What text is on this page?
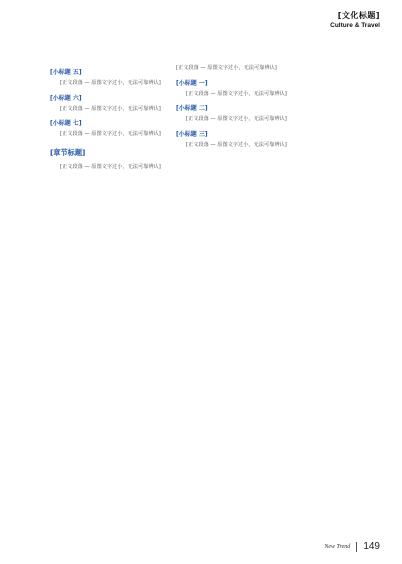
[文化标题]
Culture & Travel
[小标题 五]

[正文段落 — 原图文字过小，无法可靠辨认]

[小标题 六]

[正文段落 — 原图文字过小，无法可靠辨认]

[小标题 七]

[正文段落 — 原图文字过小，无法可靠辨认]

[章节标题]

[正文段落 — 原图文字过小，无法可靠辨认]

[正文段落 — 原图文字过小，无法可靠辨认]

[小标题 一]

[正文段落 — 原图文字过小，无法可靠辨认]

[小标题 二]

[正文段落 — 原图文字过小，无法可靠辨认]

[小标题 三]

[正文段落 — 原图文字过小，无法可靠辨认]

New Trend 149
